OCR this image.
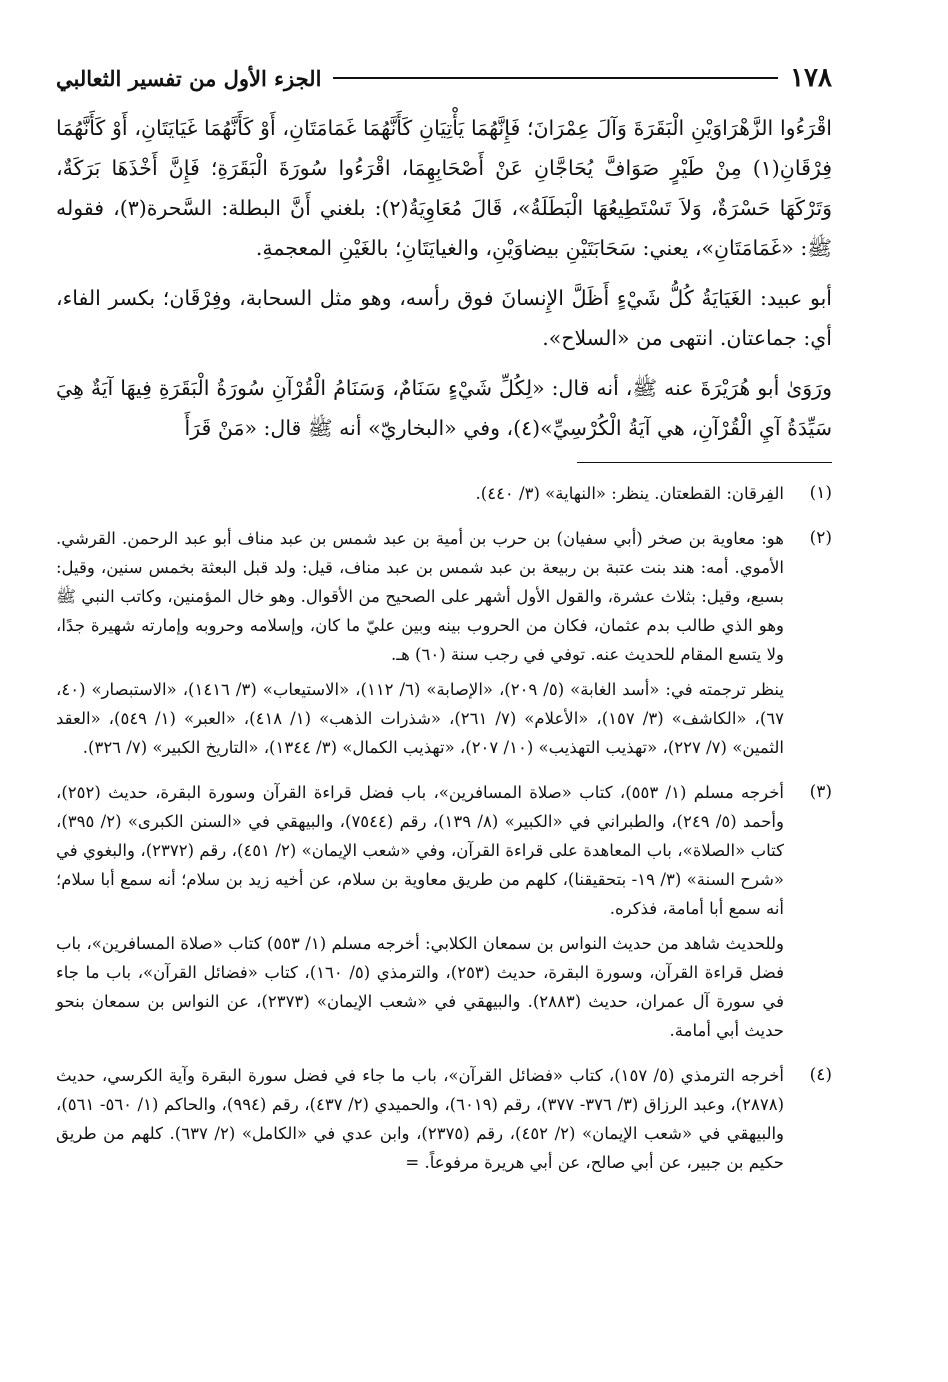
١٧٨
الجزء الأول من تفسير الثعالبي

اقْرَءُوا الزَّهْرَاوَيْنِ الْبَقَرَةَ وَآلَ عِمْرَانَ؛ فَإِنَّهُمَا يَأْتِيَانِ كَأَنَّهُمَا غَمَامَتَانِ، أَوْ كَأَنَّهُمَا غَيَايَتَانِ، أَوْ كَأَنَّهُمَا فِرْقَانِ(١) مِنْ طَيْرٍ صَوَافَّ يُحَاجَّانِ عَنْ أَصْحَابِهِمَا، اقْرَءُوا سُورَةَ الْبَقَرَةِ؛ فَإِنَّ أَخْذَهَا بَرَكَةٌ، وَتَرْكَهَا حَسْرَةٌ، وَلاَ تَسْتَطِيعُهَا الْبَطَلَةُ»، قَالَ مُعَاوِيَةُ(٢): بلغني أَنَّ البطلة: السَّحرة(٣)، فقوله ﷺ: «غَمَامَتَانِ»، يعني: سَحَابَتَيْنِ بيضاوَيْنِ، والغيايَتَانِ؛ بالغَيْنِ المعجمةِ.

أبو عبيد: الغَيَايَةُ كُلُّ شَيْءٍ أَظَلَّ الإِنسانَ فوق رأسه، وهو مثل السحابة، وفِرْقَان؛ بكسر الفاء، أي: جماعتان. انتهى من «السلاح».

ورَوَىٰ أبو هُرَيْرَةَ عنه ﷺ، أنه قال: «لِكُلِّ شَيْءٍ سَنَامٌ، وَسَنَامُ الْقُرْآنِ سُورَةُ الْبَقَرَةِ فِيهَا آيَةٌ هِيَ سَيِّدَةُ آيِ الْقُرْآنِ، هي آيَةُ الْكُرْسِيِّ»(٤)، وفي «البخاريّ» أنه ﷺ قال: «مَنْ قَرَأَ

(١)

الفِرقان: القطعتان. ينظر: «النهاية» (٣/ ٤٤٠).

(٢)

هو: معاوية بن صخر (أبي سفيان) بن حرب بن أمية بن عبد شمس بن عبد مناف أبو عبد الرحمن. القرشي. الأموي. أمه: هند بنت عتبة بن ربيعة بن عبد شمس بن عبد مناف، قيل: ولد قبل البعثة بخمس سنين، وقيل: بسبع، وقيل: بثلاث عشرة، والقول الأول أشهر على الصحيح من الأقوال. وهو خال المؤمنين، وكاتب النبي ﷺ وهو الذي طالب بدم عثمان، فكان من الحروب بينه وبين عليّ ما كان، وإسلامه وحروبه وإمارته شهيرة جدًا، ولا يتسع المقام للحديث عنه. توفي في رجب سنة (٦٠) هـ.

ينظر ترجمته في: «أسد الغابة» (٥/ ٢٠٩)، «الإصابة» (٦/ ١١٢)، «الاستيعاب» (٣/ ١٤١٦)، «الاستبصار» (٤٠، ٦٧)، «الكاشف» (٣/ ١٥٧)، «الأعلام» (٧/ ٢٦١)، «شذرات الذهب» (١/ ٤١٨)، «العبر» (١/ ٥٤٩)، «العقد الثمين» (٧/ ٢٢٧)، «تهذيب التهذيب» (١٠/ ٢٠٧)، «تهذيب الكمال» (٣/ ١٣٤٤)، «التاريخ الكبير» (٧/ ٣٢٦).

(٣)

أخرجه مسلم (١/ ٥٥٣)، كتاب «صلاة المسافرين»، باب فضل قراءة القرآن وسورة البقرة، حديث (٢٥٢)، وأحمد (٥/ ٢٤٩)، والطبراني في «الكبير» (٨/ ١٣٩)، رقم (٧٥٤٤)، والبيهقي في «السنن الكبرى» (٢/ ٣٩٥)، كتاب «الصلاة»، باب المعاهدة على قراءة القرآن، وفي «شعب الإيمان» (٢/ ٤٥١)، رقم (٢٣٧٢)، والبغوي في «شرح السنة» (٣/ ١٩- بتحقيقنا)، كلهم من طريق معاوية بن سلام، عن أخيه زيد بن سلام؛ أنه سمع أبا سلام؛ أنه سمع أبا أمامة، فذكره.

وللحديث شاهد من حديث النواس بن سمعان الكلابي: أخرجه مسلم (١/ ٥٥٣) كتاب «صلاة المسافرين»، باب فضل قراءة القرآن، وسورة البقرة، حديث (٢٥٣)، والترمذي (٥/ ١٦٠)، كتاب «فضائل القرآن»، باب ما جاء في سورة آل عمران، حديث (٢٨٨٣). والبيهقي في «شعب الإيمان» (٢٣٧٣)، عن النواس بن سمعان بنحو حديث أبي أمامة.

(٤)

أخرجه الترمذي (٥/ ١٥٧)، كتاب «فضائل القرآن»، باب ما جاء في فضل سورة البقرة وآية الكرسي، حديث (٢٨٧٨)، وعبد الرزاق (٣/ ٣٧٦- ٣٧٧)، رقم (٦٠١٩)، والحميدي (٢/ ٤٣٧)، رقم (٩٩٤)، والحاكم (١/ ٥٦٠- ٥٦١)، والبيهقي في «شعب الإيمان» (٢/ ٤٥٢)، رقم (٢٣٧٥)، وابن عدي في «الكامل» (٢/ ٦٣٧). كلهم من طريق حكيم بن جبير، عن أبي صالح، عن أبي هريرة مرفوعاً. =
